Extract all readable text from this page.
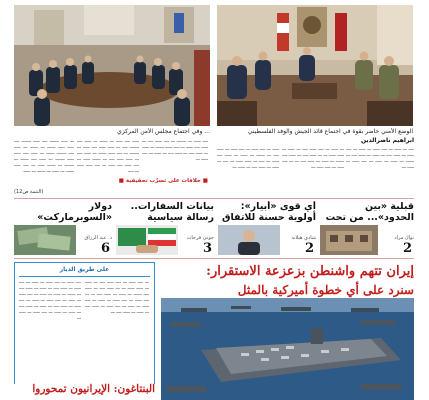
... وفي اجتماع مجلس الأمن المركزي	الوضع الأمني حاضر بقوة في اجتماع قائد الجيش والوفد الفلسطيني
ـــ ـــــ ـــــــ ــــ ـــــ ـــــــ ــــ ـــــ ـــــ ــــــ ـــ ــــــ ـــ ـــــ ــــ ـــــــ ــــــ ـــ ـــــ ــــ ـــــ ـــــ ـــــــ ـــ ـــــ ــــ ــــــ ـــ ـــــــ ـــ ــــــ ـــــ ـــ ــــ ـــــ ــــــ ـــ ـــــ ـــ ــــــ ـــ ـــــ
ـــــ ــــ ـــــ ـــ ــــــ ـــ ـــــ ــــ ـــــــ ــــ ـــ ـــــ ـــــ ــــ ـــــ ـــ ـــــــ ـــ ــــ ـــــ ــــــ ـــ ـــــ ــــ ـــ ـــــ ـــــ ــــ ـــ ــــــ ـــــ ـــ ــــ ـــــ ــــ ـــــ ـــ ــــ ـــــ ـــــ ـــ ــــ
ــــ ـــــ ـــ ـــــــ ـــ ــــ ـــــ ــــ ـــ ـــــ ــــ ـــــ ـــ ــــ ـــــ ــــــ ـــ ـــــ ـــ ـــــ ــــ ـــ ـــــ ــــ ـــ ـــــ ـــ ــــ ـــــ ـــ
■ خلافات على تسرّب تحقيقية ■
(التتمة ص12)
ـــــ ـــ ــــ ـــــ ـــ ــــ ـــــ ـــ ـــــ ــــ ـــ ــــــ ـــ ـــــ ـــ ـــــ ــــ ـــــ ـــ ــــ ـــ ـــــ ـــــ ـــ ــــ ـــ ـــــ ـــ ـــــ ــــ ـــ ـــــ ـــ
ـــ ـــــ ـــ ــــ ـــــ ــــ ـــ ـــــ ـــ ـــــ ـــــ ـــ ـــ ـــــ ــــ ـــ ـــــ ــــ ــــــ ـــ ـــــ ـــ ـــــ ــــ ـــ ـــ ــــ ـــــ ـــ ــــ ـــــ ـــ
ابراهيم ناصرالدين
ــــ ـــ ـــــ ـــ ــــ ـــــ ـــ ـــــ ـــ ــــ ـــــ ـــ ـــــ ــــ ـــ ـــــ ـــ ـــــ ــــ ـــ ــــــ ـــ ـــــ ـــ ـــــ ـــ ــــ ـــــ ـــ ـــــ ـــ
دولار «السوبرماركت»
د. عبد الرزاق
6
بيانات السفارات.. رسالة سياسية
جوني فرحات
3
أي قوى «أبيار»: أولوية حسنة للاتفاق
شادي هيلانة
2
قبلية «بين الحدود»... من تحت
نوال مراد
2
على طريق الديار
ــــ ـــــ ـــ ــــ ـــــ ـــ ـــــ ـــ ــــ ـــــ ـــ ـــــ ــــ ـــ ـــــ ـــ ـــــ ــــ ـــ ــــــ ـــ ـــــ ـــ ـــــ ـــ ــــ ـــــ ـــ ـــــ ـــ ــــ ـــــ ـــ ـــــ ـــ ــــ ـــــ ـــ ـــــ ــــ ـــ ـــــ ـــ ـــــ ــــ ـــ ـــــ ـــ ـــــ ـــ ــــ ـــــ ـــ ـــــ ـــ
ـــ ــــ ـــــ ـــ ــــ ـــــ ــــ ـــ ـــــ ـــ ـــــ ـــــ ـــ ـــ ـــــ ــــ ـــ ـــــ ــــ ــــــ ـــ ـــــ ـــ ـــــ ــــ ـــ ـــ ــــ ـــــ ـــ ــــ ـــــ ـــ ـــــ ـــ ــــ ـــــ ـــ ـــــ ـــ ــــ ـــــ ـــ ـــــ ــــ ـــ ـــــ ـــ ـــــ ــــ ـــ
إيران تتهم واشنطن بزعزعة الاستقرار:
سنرد على أي خطوة أميركية بالمثل
البنتاغون: الإيرانيون تمحوروا
